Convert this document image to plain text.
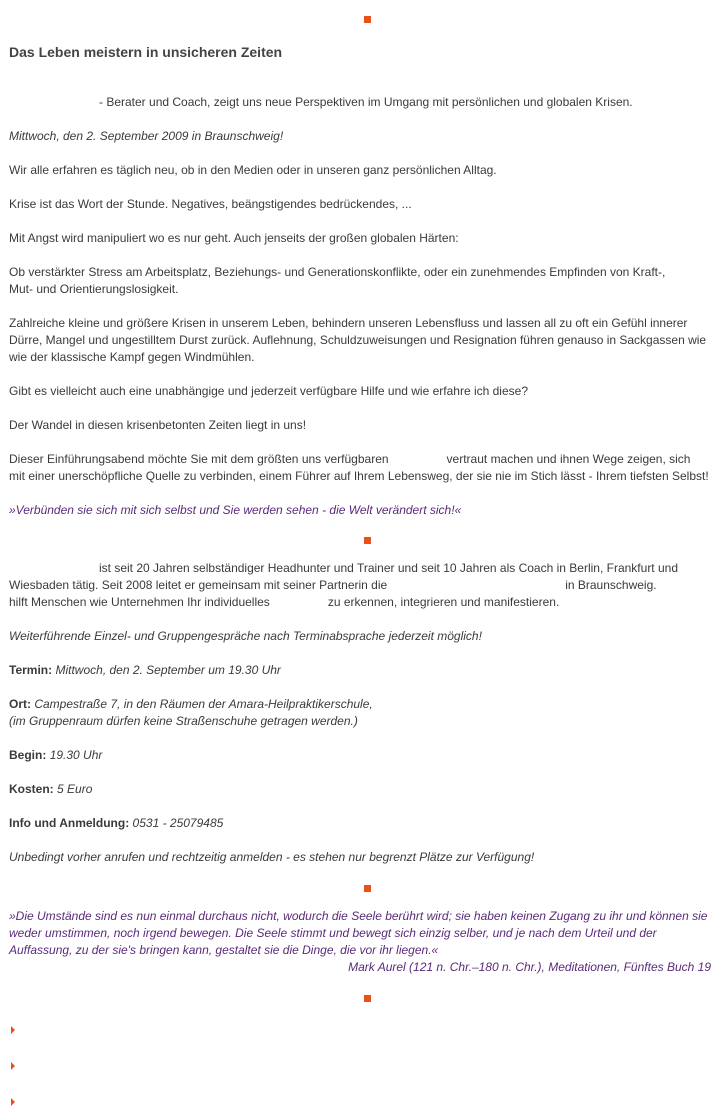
Das Leben meistern in unsicheren Zeiten

- Berater und Coach, zeigt uns neue Perspektiven im Umgang mit persönlichen und globalen Krisen.

Mittwoch, den 2. September 2009 in Braunschweig!

Wir alle erfahren es täglich neu, ob in den Medien oder in unseren ganz persönlichen Alltag.

Krise ist das Wort der Stunde. Negatives, beängstigendes bedrückendes, ...

Mit Angst wird manipuliert wo es nur geht. Auch jenseits der großen globalen Härten:

Ob verstärkter Stress am Arbeitsplatz, Beziehungs- und Generationskonflikte, oder ein zunehmendes Empfinden von Kraft-,

Mut- und Orientierungslosigkeit.

Zahlreiche kleine und größere Krisen in unserem Leben, behindern unseren Lebensfluss und lassen all zu oft ein Gefühl innerer

Dürre, Mangel und ungestilltem Durst zurück. Auflehnung, Schuldzuweisungen und Resignation führen genauso in Sackgassen wie

wie der klassische Kampf gegen Windmühlen.

Gibt es vielleicht auch eine unabhängige und jederzeit verfügbare Hilfe und wie erfahre ich diese?

Der Wandel in diesen krisenbetonten Zeiten liegt in uns!

Dieser Einführungsabend möchte Sie mit dem größten uns verfügbaren	vertraut machen und ihnen Wege zeigen, sich

mit einer unerschöpfliche Quelle zu verbinden, einem Führer auf Ihrem Lebensweg, der sie nie im Stich lässt - Ihrem tiefsten Selbst!

»Verbünden sie sich mit sich selbst und Sie werden sehen - die Welt verändert sich!«

ist seit 20 Jahren selbständiger Headhunter und Trainer und seit 10 Jahren als Coach in Berlin, Frankfurt und

Wiesbaden tätig. Seit 2008 leitet er gemeinsam mit seiner Partnerin die	in Braunschweig.

hilft Menschen wie Unternehmen Ihr individuelles	zu erkennen, integrieren und manifestieren.

Weiterführende Einzel- und Gruppengespräche nach Terminabsprache jederzeit möglich!

Termin: Mittwoch, den 2. September um 19.30 Uhr

Ort: Campestraße 7, in den Räumen der Amara-Heilpraktikerschule,

(im Gruppenraum dürfen keine Straßenschuhe getragen werden.)

Begin: 19.30 Uhr

Kosten: 5 Euro

Info und Anmeldung: 0531 - 25079485

Unbedingt vorher anrufen und rechtzeitig anmelden - es stehen nur begrenzt Plätze zur Verfügung!

»Die Umstände sind es nun einmal durchaus nicht, wodurch die Seele berührt wird; sie haben keinen Zugang zu ihr und können sie

weder umstimmen, noch irgend bewegen. Die Seele stimmt und bewegt sich einzig selber, und je nach dem Urteil und der

Auffassung, zu der sie's bringen kann, gestaltet sie die Dinge, die vor ihr liegen.«

Mark Aurel (121 n. Chr.–180 n. Chr.), Meditationen, Fünftes Buch 19
